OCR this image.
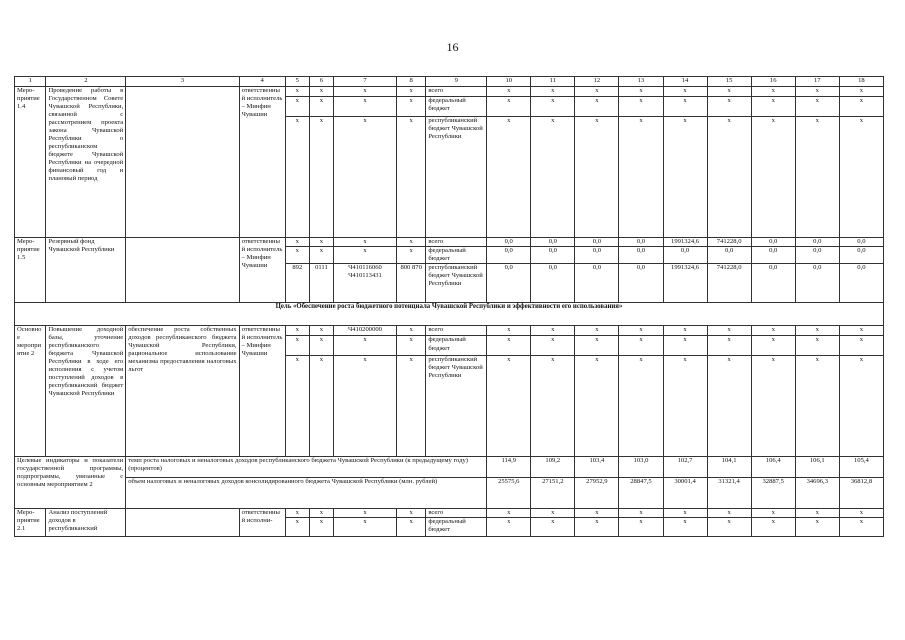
16
1	2	3	4	5	6	7	8	9	10	11	12	13	14	15	16	17	18
Меро-приятие 1.4	Проведение работы в Государственном Совете Чувашской Республики, связанной с рассмотрением проекта закона Чувашской Республики о республиканском бюджете Чувашской Республики на очередной финансовый год и плановый период		ответственный исполнитель – Минфин Чувашии	x	x	x	x	всего	x	x	x	x	x	x	x	x	x
				x	x	x	x	федеральный бюджет	x	x	x	x	x	x	x	x	x
				x	x	x	x	республиканский бюджет Чувашской Республики	x	x	x	x	x	x	x	x	x
Меро-приятие 1.5	Резервный фонд Чувашской Республики		ответственный исполнитель – Минфин Чувашии	x	x	x	x	всего	0,0	0,0	0,0	0,0	1991324,6	741228,0	0,0	0,0	0,0
				x	x	x	x	федеральный бюджет	0,0	0,0	0,0	0,0	0,0	0,0	0,0	0,0	0,0
				892	0111	Ч410116060 Ч410113431	800 870	республиканский бюджет Чувашской Республики	0,0	0,0	0,0	0,0	1991324,6	741228,0	0,0	0,0	0,0
Цель «Обеспечение роста бюджетного потенциала Чувашской Республики и эффективности его использования»																	
Основное мероприятие 2	Повышение доходной базы, уточнение республиканского бюджета Чувашской Республики в ходе его исполнения с учетом поступлений доходов в республиканский бюджет Чувашской Республики	обеспечение роста собственных доходов республиканского бюджета Чувашской Республики, рациональное использование механизма предоставления налоговых льгот	ответственный исполнитель – Минфин Чувашии	x	x	Ч410200000	x	всего	x	x	x	x	x	x	x	x	x
				x	x	x	x	федеральный бюджет	x	x	x	x	x	x	x	x	x
				x	x	x	x	республиканский бюджет Чувашской Республики	x	x	x	x	x	x	x	x	x
Целевые индикаторы и показатели государственной программы, подпрограммы, увязанные с основным мероприятием 2		темп роста налоговых и неналоговых доходов республиканского бюджета Чувашской Республики (к предыдущему году) (процентов)							114,9	109,2	103,4	103,0	102,7	104,1	106,4	106,1	105,4
		объем налоговых и неналоговых доходов консолидированного бюджета Чувашской Республики (млн. рублей)							25575,6	27151,2	27952,9	28847,5	30001,4	31321,4	32887,5	34696,3	36812,8
Меро-приятие 2.1	Анализ поступлений доходов в республиканский		ответственный исполни-	x	x	x	x	всего	x	x	x	x	x	x	x	x	x
				x	x	x	x	федеральный бюджет	x	x	x	x	x	x	x	x	x
